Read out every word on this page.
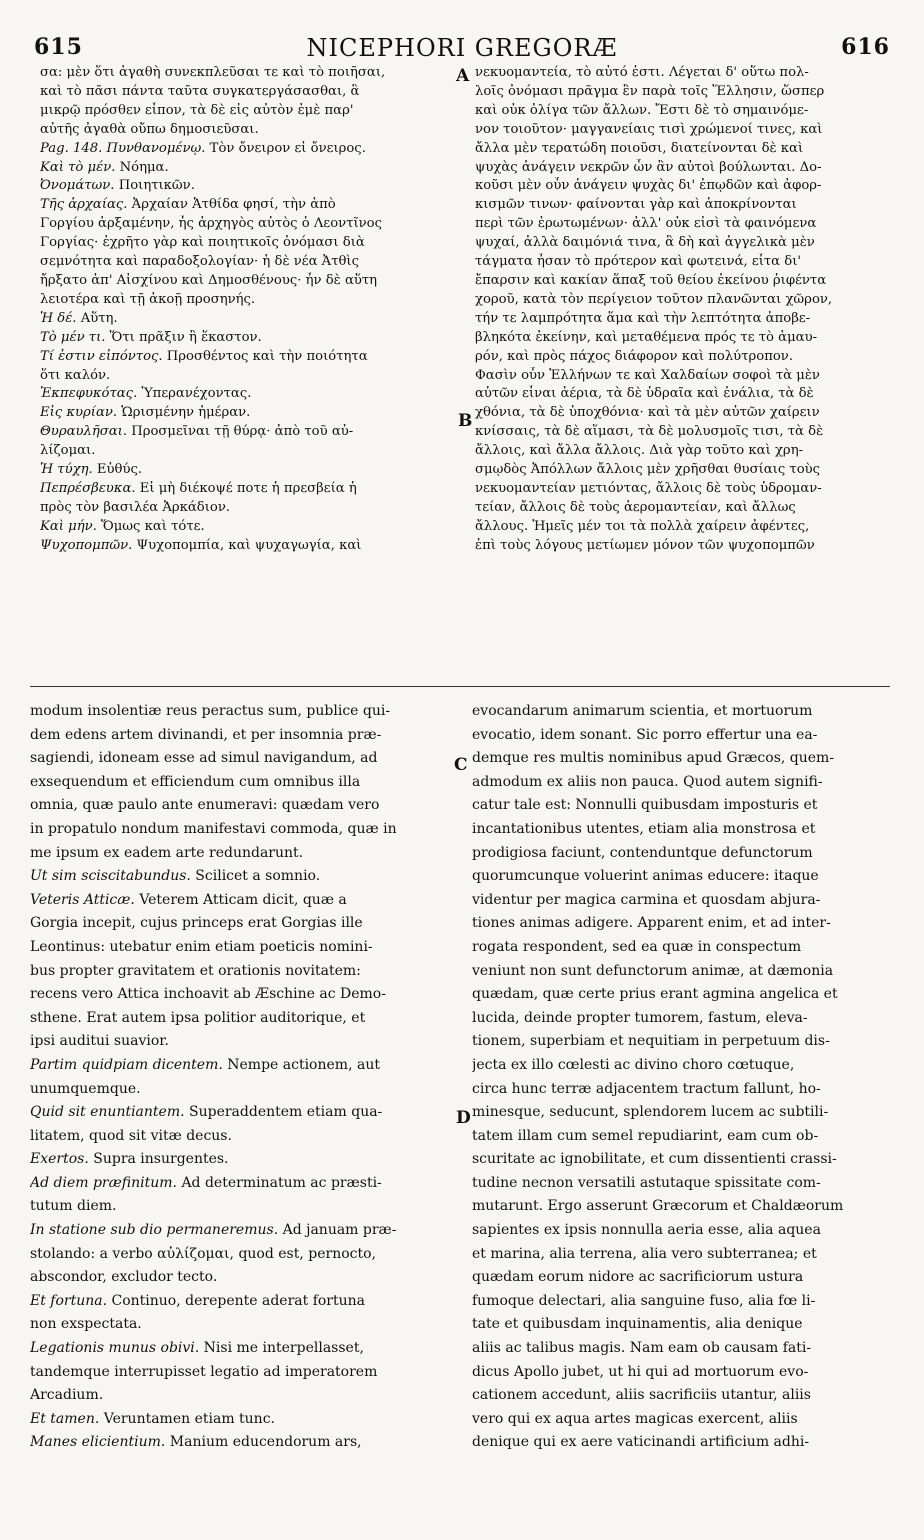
615	NICEPHORI GREGORÆ	616
σα: μὲν ὅτι ἀγαθὴ συνεκπλεῦσαι τε καὶ τὸ ποιῆσαι,
καὶ τὸ πᾶσι πάντα ταῦτα συγκατεργάσασθαι, ἃ
μικρῷ πρόσθεν εἶπον, τὰ δὲ εἰς αὐτὸν ἐμὲ παρ'
αὐτῆς ἀγαθὰ οὔπω δημοσιεῦσαι.
Pag. 148. Πυνθανομένῳ. Τὸν ὄνειρον εἰ ὄνειρος.
Καὶ τὸ μέν. Νόημα.
Ὀνομάτων. Ποιητικῶν.
Τῆς ἀρχαίας. Ἀρχαίαν Ἀτθίδα φησί, τὴν ἀπὸ
Γοργίου ἀρξαμένην, ἧς ἀρχηγὸς αὐτὸς ὁ Λεοντῖνος
Γοργίας· ἐχρῆτο γὰρ καὶ ποιητικοῖς ὀνόμασι διὰ
σεμνότητα καὶ παραδοξολογίαν· ἡ δὲ νέα Ἀτθὶς
ἤρξατο ἀπ' Αἰσχίνου καὶ Δημοσθένους· ἦν δὲ αὕτη
λειοτέρα καὶ τῇ ἀκοῇ προσηνής.
Ἡ δέ. Αὕτη.
Τὸ μέν τι. Ὅτι πρᾶξιν ἢ ἕκαστον.
Τί ἐστιν εἰπόντος. Προσθέντος καὶ τὴν ποιότητα
ὅτι καλόν.
Ἐκπεφυκότας. Ὑπερανέχοντας.
Εἰς κυρίαν. Ὡρισμένην ἡμέραν.
Θυραυλῆσαι. Προσμεῖναι τῇ θύρᾳ· ἀπὸ τοῦ αὐ-
λίζομαι.
Ἡ τύχη. Εὐθύς.
Πεπρέσβευκα. Εἰ μὴ διέκοψέ ποτε ἡ πρεσβεία ἡ
πρὸς τὸν βασιλέα Ἀρκάδιον.
Καὶ μήν. Ὅμως καὶ τότε.
Ψυχοπομπῶν. Ψυχοπομπία, καὶ ψυχαγωγία, καὶ
νεκυομαντεία, τὸ αὐτό ἐστι. Λέγεται δ' οὕτω πολ-
λοῖς ὀνόμασι πρᾶγμα ἓν παρὰ τοῖς Ἕλλησιν, ὥσπερ
καὶ οὐκ ὀλίγα τῶν ἄλλων. Ἔστι δὲ τὸ σημαινόμε-
νον τοιοῦτον· μαγγανείαις τισὶ χρώμενοί τινες, καὶ
ἄλλα μὲν τερατώδη ποιοῦσι, διατείνονται δὲ καὶ
ψυχὰς ἀνάγειν νεκρῶν ὧν ἂν αὐτοὶ βούλωνται. Δο-
κοῦσι μὲν οὖν ἀνάγειν ψυχὰς δι' ἐπῳδῶν καὶ ἀφορ-
κισμῶν τινων· φαίνονται γὰρ καὶ ἀποκρίνονται
περὶ τῶν ἐρωτωμένων· ἀλλ' οὐκ εἰσὶ τὰ φαινόμενα
ψυχαί, ἀλλὰ δαιμόνιά τινα, ἃ δὴ καὶ ἀγγελικὰ μὲν
τάγματα ἦσαν τὸ πρότερον καὶ φωτεινά, εἶτα δι'
ἔπαρσιν καὶ κακίαν ἅπαξ τοῦ θείου ἐκείνου ῥιφέντα
χοροῦ, κατὰ τὸν περίγειον τοῦτον πλανῶνται χῶρον,
τήν τε λαμπρότητα ἅμα καὶ τὴν λεπτότητα ἀποβε-
βληκότα ἐκείνην, καὶ μεταθέμενα πρός τε τὸ ἀμαυ-
ρόν, καὶ πρὸς πάχος διάφορον καὶ πολύτροπον.
Φασὶν οὖν Ἑλλήνων τε καὶ Χαλδαίων σοφοὶ τὰ μὲν
αὐτῶν εἶναι ἀέρια, τὰ δὲ ὑδραῖα καὶ ἐνάλια, τὰ δὲ
χθόνια, τὰ δὲ ὑποχθόνια· καὶ τὰ μὲν αὐτῶν χαίρειν
κνίσσαις, τὰ δὲ αἵμασι, τὰ δὲ μολυσμοῖς τισι, τὰ δὲ
ἄλλοις, καὶ ἄλλα ἄλλοις. Διὰ γὰρ τοῦτο καὶ χρη-
σμῳδὸς Ἀπόλλων ἄλλοις μὲν χρῆσθαι θυσίαις τοὺς
νεκυομαντείαν μετιόντας, ἄλλοις δὲ τοὺς ὑδρομαν-
τείαν, ἄλλοις δὲ τοὺς ἀερομαντείαν, καὶ ἄλλως
ἄλλους. Ἡμεῖς μέν τοι τὰ πολλὰ χαίρειν ἀφέντες,
ἐπὶ τοὺς λόγους μετίωμεν μόνον τῶν ψυχοπομπῶν
modum insolentiæ reus peractus sum, publice qui-
dem edens artem divinandi, et per insomnia præ-
sagiendi, idoneam esse ad simul navigandum, ad
exsequendum et efficiendum cum omnibus illa
omnia, quæ paulo ante enumeravi: quædam vero
in propatulo nondum manifestavi commoda, quæ in
me ipsum ex eadem arte redundarunt.
Ut sim sciscitabundus. Scilicet a somnio.
Veteris Atticæ. Veterem Atticam dicit, quæ a
Gorgia incepit, cujus princeps erat Gorgias ille
Leontinus: utebatur enim etiam poeticis nomini-
bus propter gravitatem et orationis novitatem:
recens vero Attica inchoavit ab Æschine ac Demo-
sthene. Erat autem ipsa politior auditorique, et
ipsi auditui suavior.
Partim quidpiam dicentem. Nempe actionem, aut
unumquemque.
Quid sit enuntiantem. Superaddentem etiam qua-
litatem, quod sit vitæ decus.
Exertos. Supra insurgentes.
Ad diem præfinitum. Ad determinatum ac præsti-
tutum diem.
In statione sub dio permaneremus. Ad januam præ-
stolando: a verbo αὐλίζομαι, quod est, pernocto,
abscondor, excludor tecto.
Et fortuna. Continuo, derepente aderat fortuna
non exspectata.
Legationis munus obivi. Nisi me interpellasset,
tandemque interrupisset legatio ad imperatorem
Arcadium.
Et tamen. Veruntamen etiam tunc.
Manes elicientium. Manium educendorum ars,
evocandarum animarum scientia, et mortuorum
evocatio, idem sonant. Sic porro effertur una ea-
demque res multis nominibus apud Græcos, quem-
admodum ex aliis non pauca. Quod autem signifi-
catur tale est: Nonnulli quibusdam imposturis et
incantationibus utentes, etiam alia monstrosa et
prodigiosa faciunt, contenduntque defunctorum
quorumcunque voluerint animas educere: itaque
videntur per magica carmina et quosdam abjura-
tiones animas adigere. Apparent enim, et ad inter-
rogata respondent, sed ea quæ in conspectum
veniunt non sunt defunctorum animæ, at dæmonia
quædam, quæ certe prius erant agmina angelica et
lucida, deinde propter tumorem, fastum, eleva-
tionem, superbiam et nequitiam in perpetuum dis-
jecta ex illo cœlesti ac divino choro cœtuque,
circa hunc terræ adjacentem tractum fallunt, ho-
minesque, seducunt, splendorem lucem ac subtili-
tatem illam cum semel repudiarint, eam cum ob-
scuritate ac ignobilitate, et cum dissentienti crassi-
tudine necnon versatili astutaque spissitate com-
mutarunt. Ergo asserunt Græcorum et Chaldæorum
sapientes ex ipsis nonnulla aeria esse, alia aquea
et marina, alia terrena, alia vero subterranea; et
quædam eorum nidore ac sacrificiorum ustura
fumoque delectari, alia sanguine fuso, alia fœ li-
tate et quibusdam inquinamentis, alia denique
aliis ac talibus magis. Nam eam ob causam fati-
dicus Apollo jubet, ut hi qui ad mortuorum evo-
cationem accedunt, aliis sacrificiis utantur, aliis
vero qui ex aqua artes magicas exercent, aliis
denique qui ex aere vaticinandi artificium adhi-
A
B
C
D
